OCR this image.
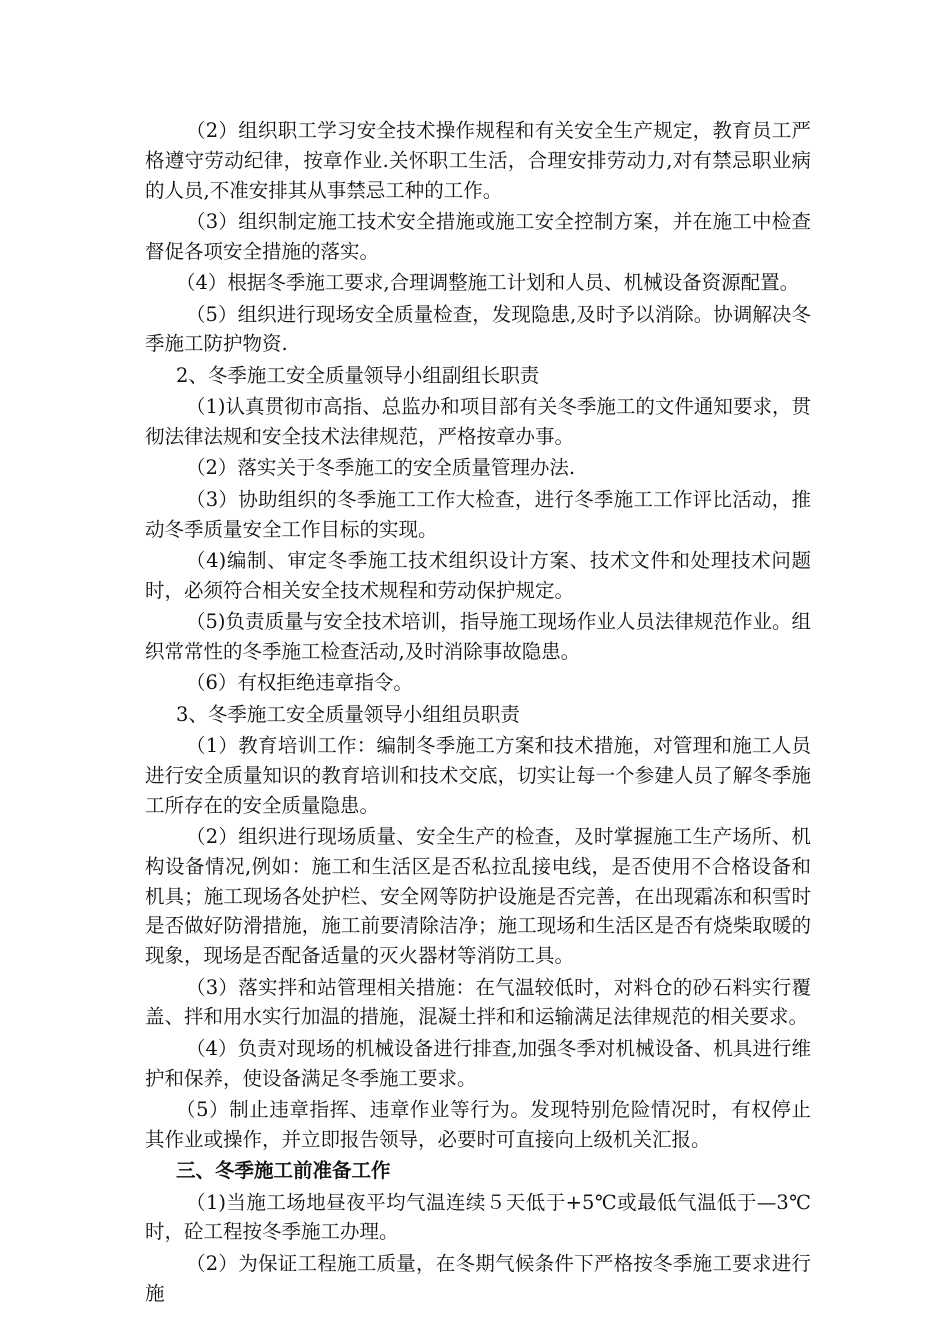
（2）组织职工学习安全技术操作规程和有关安全生产规定，教育员工严格遵守劳动纪律，按章作业.关怀职工生活，合理安排劳动力,对有禁忌职业病的人员,不准安排其从事禁忌工种的工作。

（3）组织制定施工技术安全措施或施工安全控制方案，并在施工中检查督促各项安全措施的落实。

（4）根据冬季施工要求,合理调整施工计划和人员、机械设备资源配置。

（5）组织进行现场安全质量检查，发现隐患,及时予以消除。协调解决冬季施工防护物资.

2、冬季施工安全质量领导小组副组长职责

（1)认真贯彻市高指、总监办和项目部有关冬季施工的文件通知要求，贯彻法律法规和安全技术法律规范，严格按章办事。

（2）落实关于冬季施工的安全质量管理办法.

（3）协助组织的冬季施工工作大检查，进行冬季施工工作评比活动，推动冬季质量安全工作目标的实现。

（4)编制、审定冬季施工技术组织设计方案、技术文件和处理技术问题时，必须符合相关安全技术规程和劳动保护规定。

（5)负责质量与安全技术培训，指导施工现场作业人员法律规范作业。组织常常性的冬季施工检查活动,及时消除事故隐患。

（6）有权拒绝违章指令。

3、冬季施工安全质量领导小组组员职责

（1）教育培训工作：编制冬季施工方案和技术措施，对管理和施工人员进行安全质量知识的教育培训和技术交底，切实让每一个参建人员了解冬季施工所存在的安全质量隐患。

（2）组织进行现场质量、安全生产的检查，及时掌握施工生产场所、机构设备情况,例如：施工和生活区是否私拉乱接电线，是否使用不合格设备和机具；施工现场各处护栏、安全网等防护设施是否完善，在出现霜冻和积雪时是否做好防滑措施，施工前要清除洁净；施工现场和生活区是否有烧柴取暖的现象，现场是否配备适量的灭火器材等消防工具。

（3）落实拌和站管理相关措施：在气温较低时，对料仓的砂石料实行覆盖、拌和用水实行加温的措施，混凝土拌和和运输满足法律规范的相关要求。

（4）负责对现场的机械设备进行排查,加强冬季对机械设备、机具进行维护和保养，使设备满足冬季施工要求。

（5）制止违章指挥、违章作业等行为。发现特别危险情况时，有权停止其作业或操作，并立即报告领导，必要时可直接向上级机关汇报。

三、冬季施工前准备工作

（1)当施工场地昼夜平均气温连续５天低于+5℃或最低气温低于—3℃时，砼工程按冬季施工办理。

（2）为保证工程施工质量，在冬期气候条件下严格按冬季施工要求进行施
